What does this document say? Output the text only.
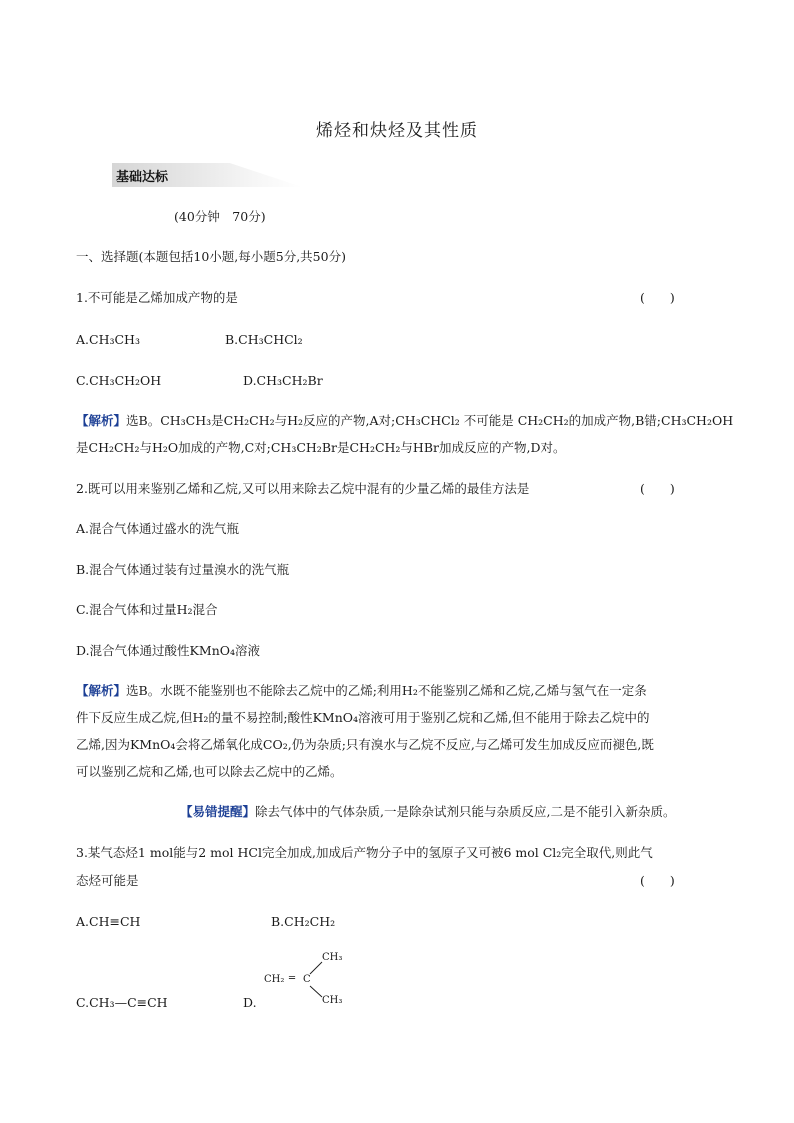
烯烃和炔烃及其性质
基础达标
(40分钟　70分)
一、选择题(本题包括10小题,每小题5分,共50分)
1.不可能是乙烯加成产物的是	(　　)
A.CH₃CH₃	B.CH₃CHCl₂
C.CH₃CH₂OH	D.CH₃CH₂Br
【解析】选B。CH₃CH₃是CH₂CH₂与H₂反应的产物,A对;CH₃CHCl₂ 不可能是 CH₂CH₂的加成产物,B错;CH₃CH₂OH
是CH₂CH₂与H₂O加成的产物,C对;CH₃CH₂Br是CH₂CH₂与HBr加成反应的产物,D对。
2.既可以用来鉴别乙烯和乙烷,又可以用来除去乙烷中混有的少量乙烯的最佳方法是	(　　)
A.混合气体通过盛水的洗气瓶
B.混合气体通过装有过量溴水的洗气瓶
C.混合气体和过量H₂混合
D.混合气体通过酸性KMnO₄溶液
【解析】选B。水既不能鉴别也不能除去乙烷中的乙烯;利用H₂不能鉴别乙烯和乙烷,乙烯与氢气在一定条
件下反应生成乙烷,但H₂的量不易控制;酸性KMnO₄溶液可用于鉴别乙烷和乙烯,但不能用于除去乙烷中的
乙烯,因为KMnO₄会将乙烯氧化成CO₂,仍为杂质;只有溴水与乙烷不反应,与乙烯可发生加成反应而褪色,既
可以鉴别乙烷和乙烯,也可以除去乙烷中的乙烯。
【易错提醒】除去气体中的气体杂质,一是除杂试剂只能与杂质反应,二是不能引入新杂质。
3.某气态烃1 mol能与2 mol HCl完全加成,加成后产物分子中的氢原子又可被6 mol Cl₂完全取代,则此气
态烃可能是	(　　)
A.CH≡CH	B.CH₂CH₂
C.CH₃—C≡CH	D.
CH₃
CH₂ ═ C
CH₃
